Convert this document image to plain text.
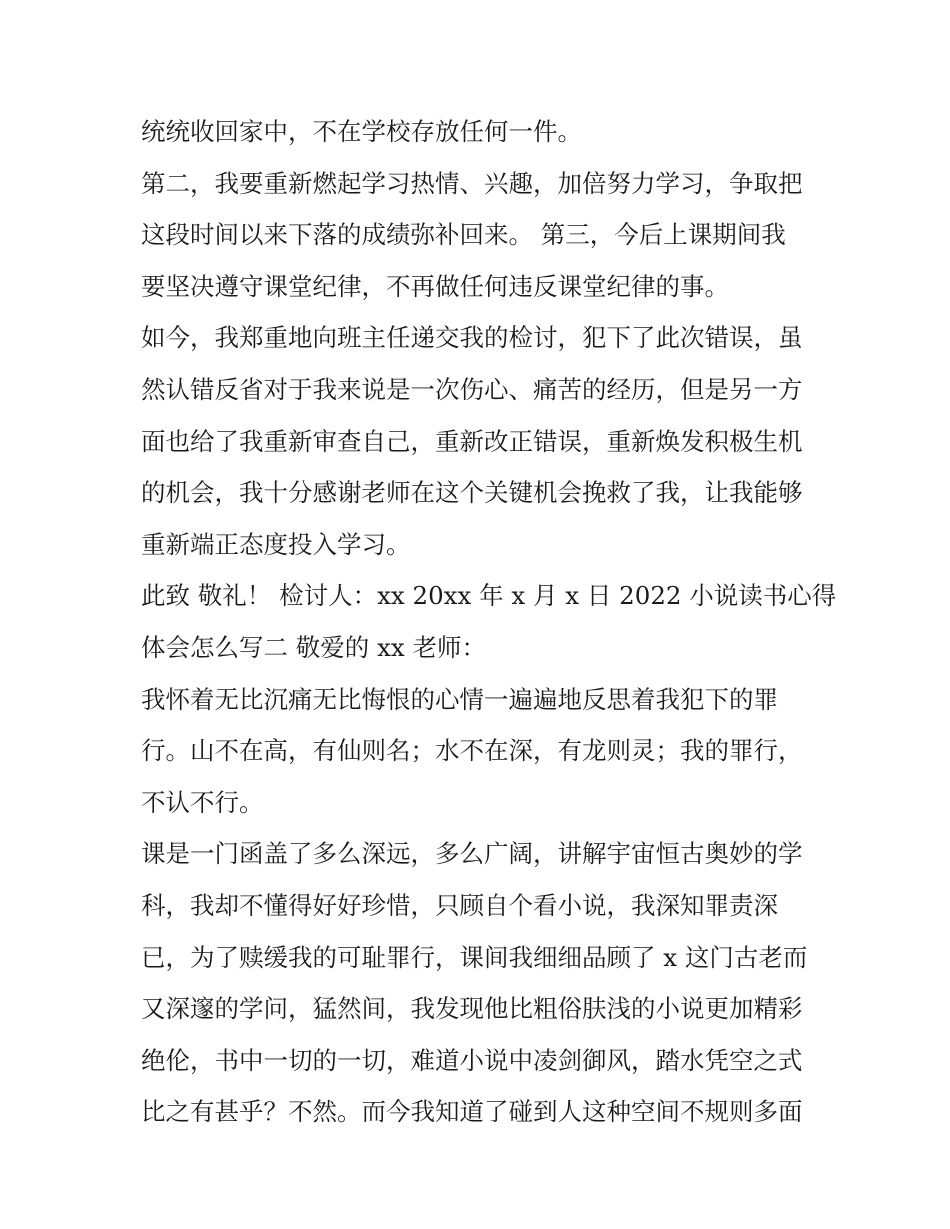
统统收回家中，不在学校存放任何一件。
第二，我要重新燃起学习热情、兴趣，加倍努力学习，争取把
这段时间以来下落的成绩弥补回来。 第三，今后上课期间我
要坚决遵守课堂纪律，不再做任何违反课堂纪律的事。
如今，我郑重地向班主任递交我的检讨，犯下了此次错误，虽
然认错反省对于我来说是一次伤心、痛苦的经历，但是另一方
面也给了我重新审查自己，重新改正错误，重新焕发积极生机
的机会，我十分感谢老师在这个关键机会挽救了我，让我能够
重新端正态度投入学习。
此致 敬礼！ 检讨人：xx 20xx 年 x 月 x 日 2022 小说读书心得
体会怎么写二 敬爱的 xx 老师：
我怀着无比沉痛无比悔恨的心情一遍遍地反思着我犯下的罪
行。山不在高，有仙则名；水不在深，有龙则灵；我的罪行，
不认不行。
课是一门函盖了多么深远，多么广阔，讲解宇宙恒古奥妙的学
科，我却不懂得好好珍惜，只顾自个看小说，我深知罪责深
已，为了赎缓我的可耻罪行，课间我细细品顾了 x 这门古老而
又深邃的学问，猛然间，我发现他比粗俗肤浅的小说更加精彩
绝伦，书中一切的一切，难道小说中凌剑御风，踏水凭空之式
比之有甚乎？不然。而今我知道了碰到人这种空间不规则多面
